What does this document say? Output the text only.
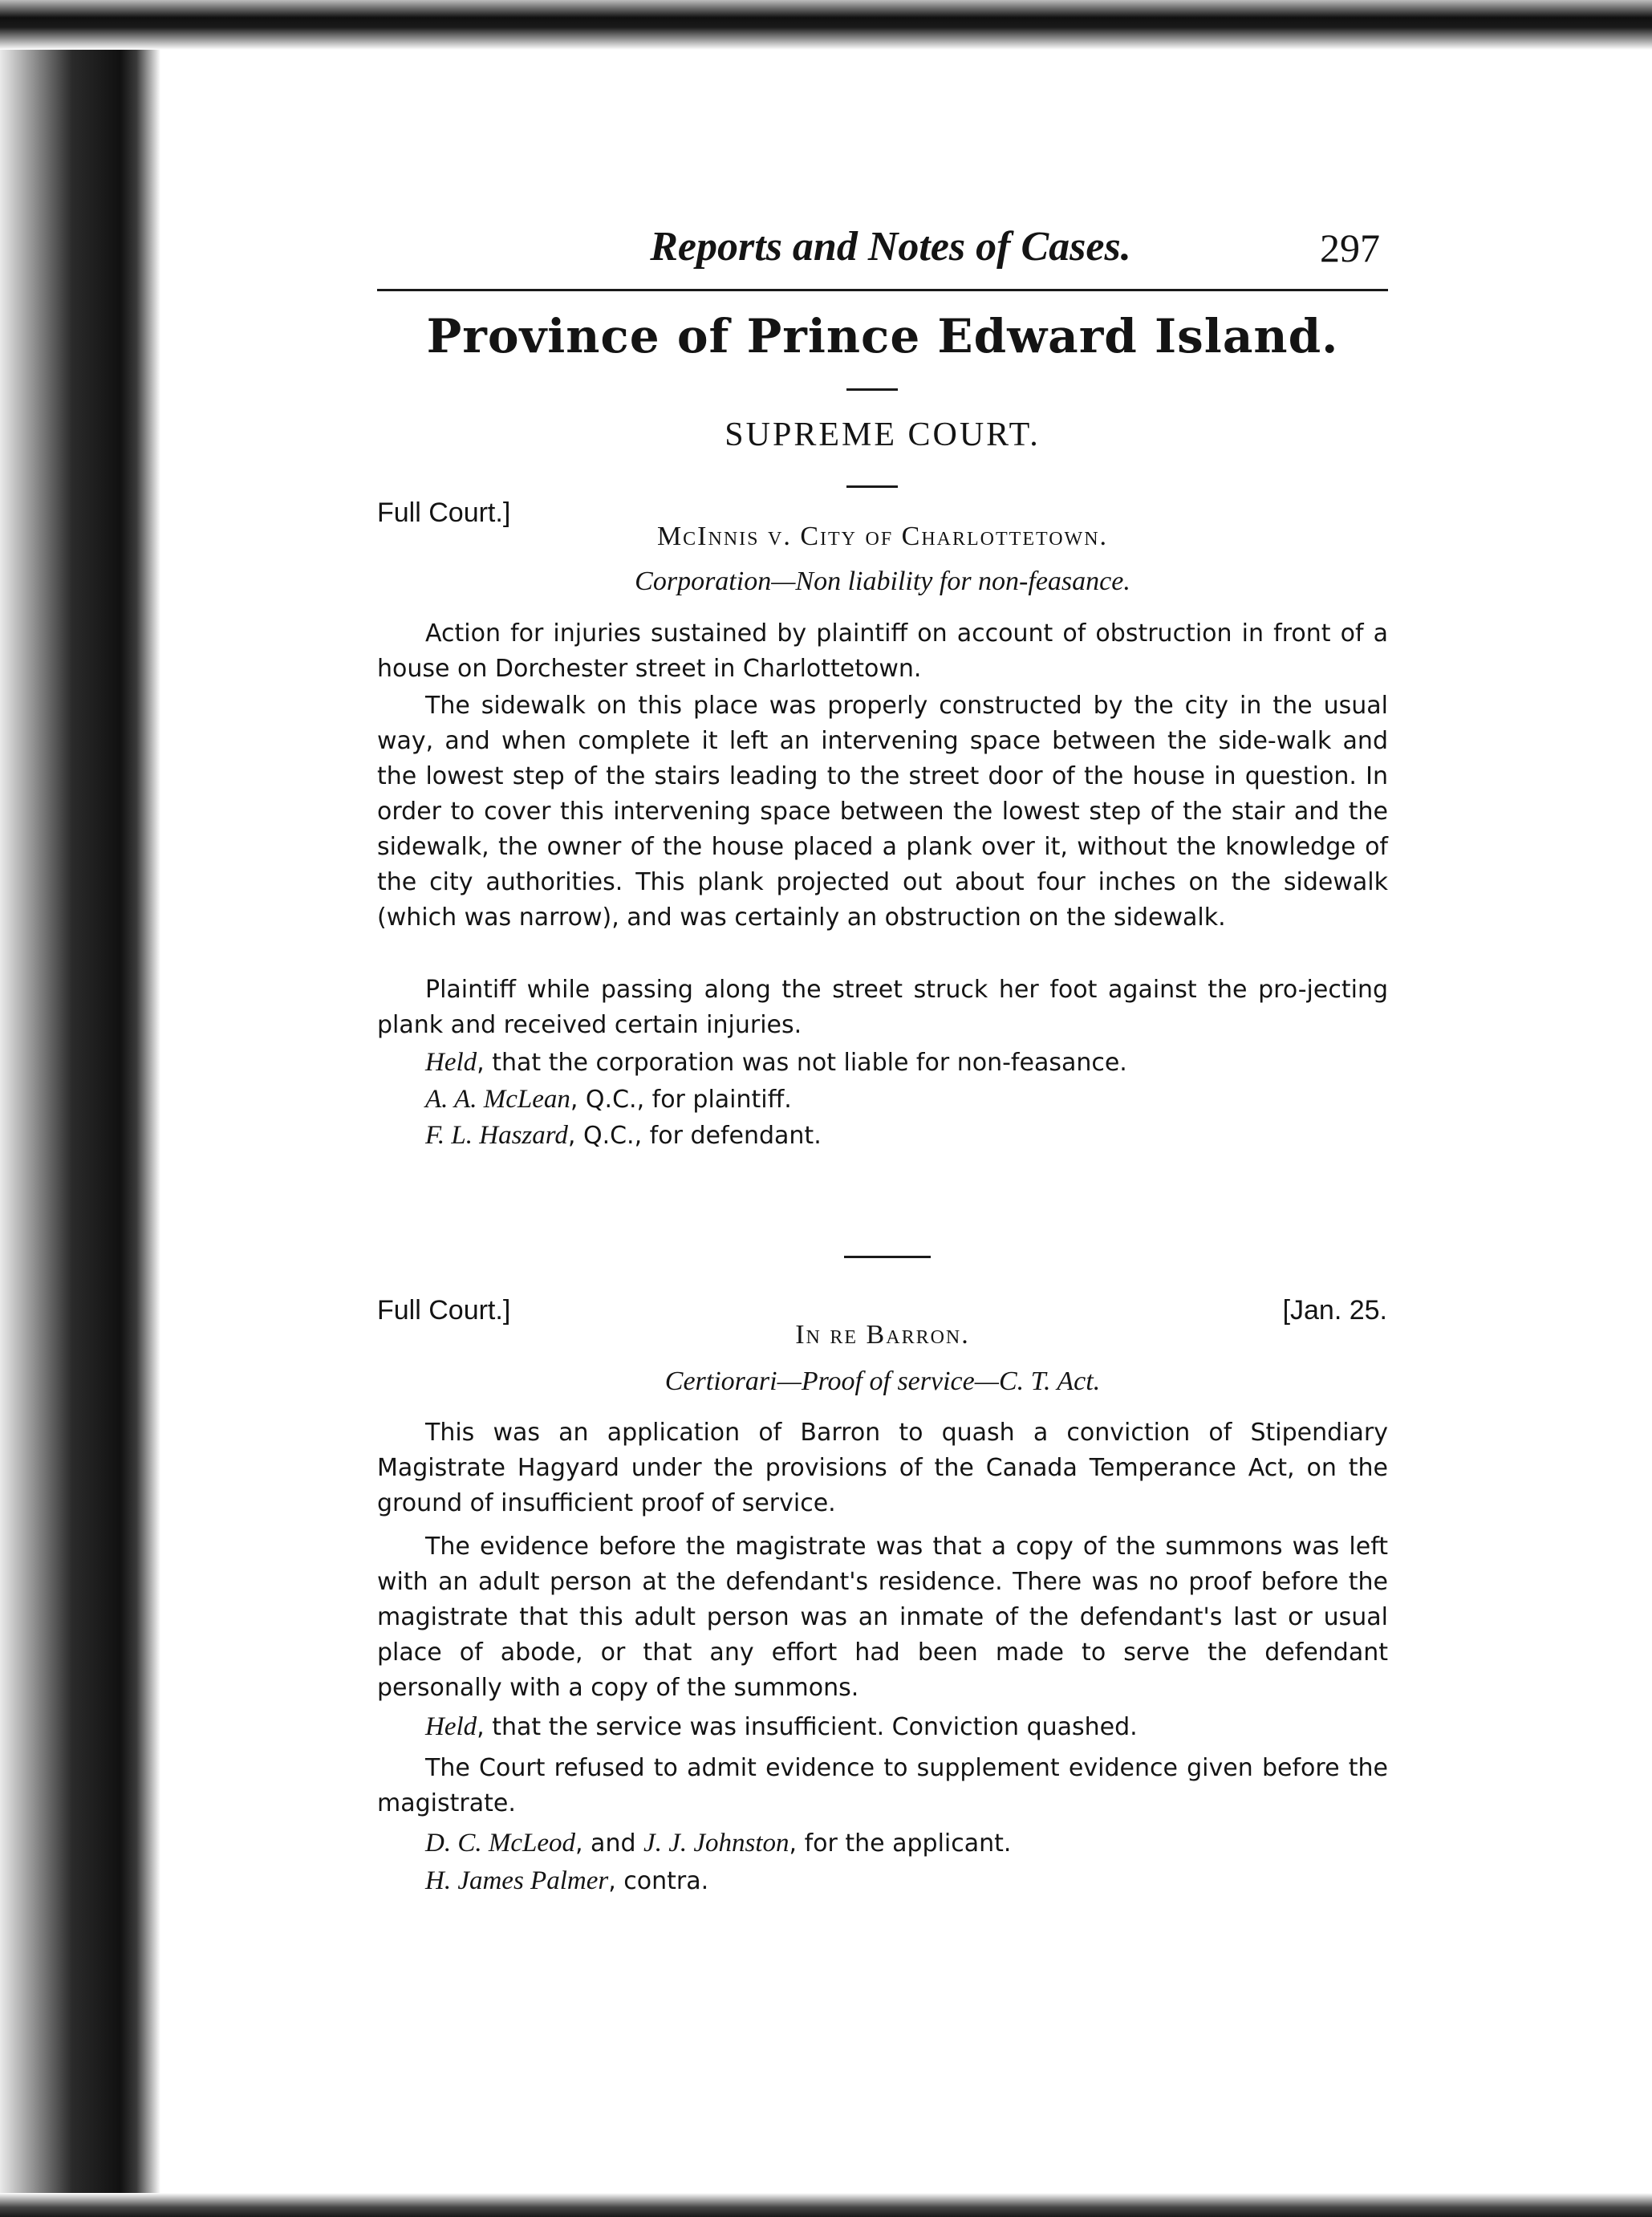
Reports and Notes of Cases.	297
Province of Prince Edward Island.
SUPREME COURT.
Full Court.]
McInnis v. City of Charlottetown.
Corporation—Non liability for non-feasance.

Action for injuries sustained by plaintiff on account of obstruction in front of a house on Dorchester street in Charlottetown.

The sidewalk on this place was properly constructed by the city in the usual way, and when complete it left an intervening space between the side-walk and the lowest step of the stairs leading to the street door of the house in question. In order to cover this intervening space between the lowest step of the stair and the sidewalk, the owner of the house placed a plank over it, without the knowledge of the city authorities. This plank projected out about four inches on the sidewalk (which was narrow), and was certainly an obstruction on the sidewalk.

Plaintiff while passing along the street struck her foot against the pro-jecting plank and received certain injuries.

Held, that the corporation was not liable for non-feasance.

A. A. McLean, Q.C., for plaintiff.
F. L. Haszard, Q.C., for defendant.
Full Court.]	[Jan. 25.
In re Barron.
Certiorari—Proof of service—C. T. Act.

This was an application of Barron to quash a conviction of Stipendiary Magistrate Hagyard under the provisions of the Canada Temperance Act, on the ground of insufficient proof of service.

The evidence before the magistrate was that a copy of the summons was left with an adult person at the defendant's residence. There was no proof before the magistrate that this adult person was an inmate of the defendant's last or usual place of abode, or that any effort had been made to serve the defendant personally with a copy of the summons.

Held, that the service was insufficient. Conviction quashed.

The Court refused to admit evidence to supplement evidence given before the magistrate.

D. C. McLeod, and J. J. Johnston, for the applicant.
H. James Palmer, contra.
